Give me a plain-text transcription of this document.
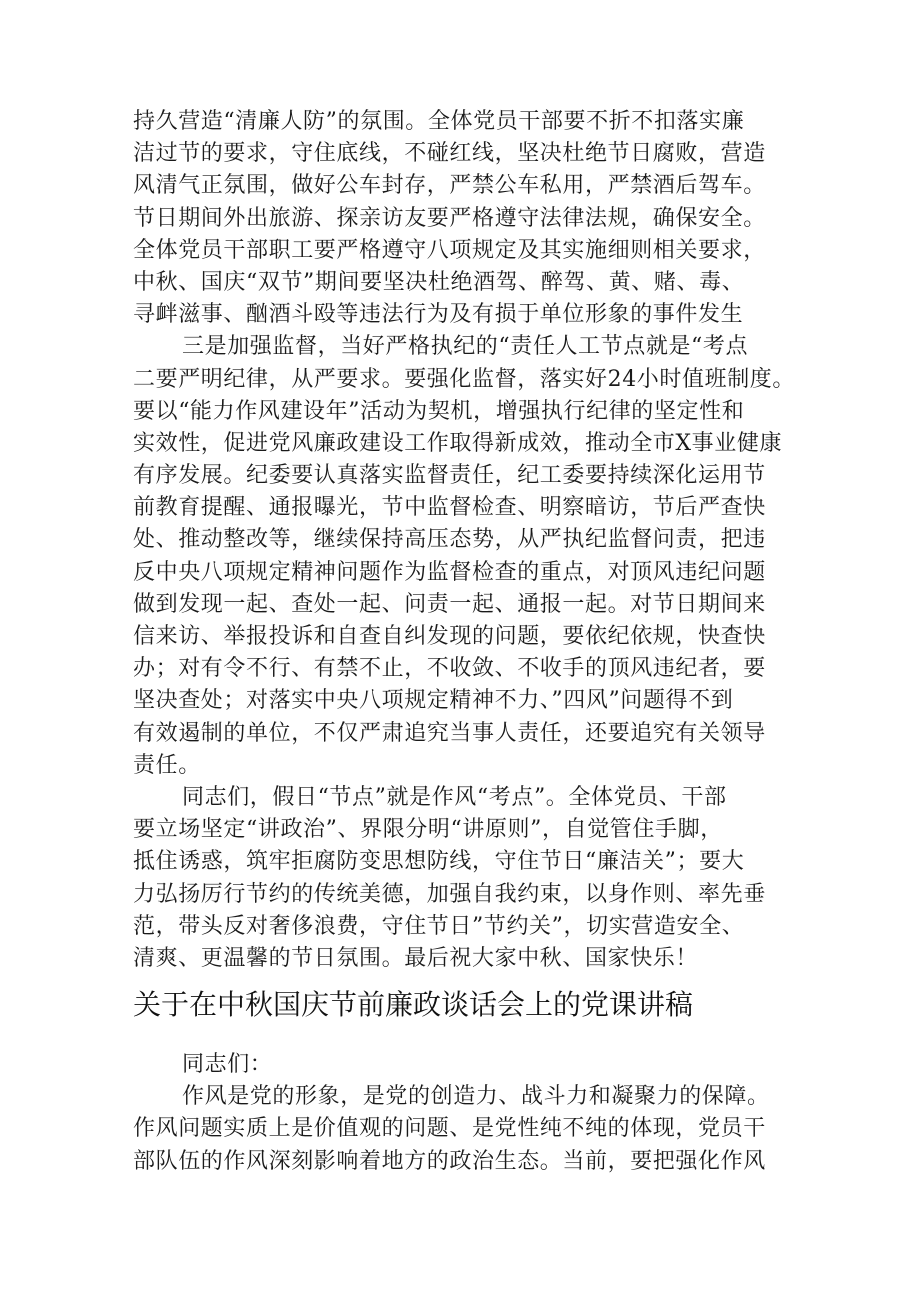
持久营造“清廉人防”的氛围。全体党员干部要不折不扣落实廉
洁过节的要求，守住底线，不碰红线，坚决杜绝节日腐败，营造
风清气正氛围，做好公车封存，严禁公车私用，严禁酒后驾车。
节日期间外出旅游、探亲访友要严格遵守法律法规，确保安全。
全体党员干部职工要严格遵守八项规定及其实施细则相关要求，
中秋、国庆“双节”期间要坚决杜绝酒驾、醉驾、黄、赌、毒、
寻衅滋事、酗酒斗殴等违法行为及有损于单位形象的事件发生
三是加强监督，当好严格执纪的“责任人工节点就是“考点
二要严明纪律，从严要求。要强化监督，落实好24小时值班制度。
要以“能力作风建设年”活动为契机，增强执行纪律的坚定性和
实效性，促进党风廉政建设工作取得新成效，推动全市X事业健康
有序发展。纪委要认真落实监督责任，纪工委要持续深化运用节
前教育提醒、通报曝光，节中监督检查、明察暗访，节后严查快
处、推动整改等，继续保持高压态势，从严执纪监督问责，把违
反中央八项规定精神问题作为监督检查的重点，对顶风违纪问题
做到发现一起、查处一起、问责一起、通报一起。对节日期间来
信来访、举报投诉和自查自纠发现的问题，要依纪依规，快查快
办；对有令不行、有禁不止，不收敛、不收手的顶风违纪者，要
坚决查处；对落实中央八项规定精神不力、”四风”问题得不到
有效遏制的单位，不仅严肃追究当事人责任，还要追究有关领导
责任。
同志们，假日“节点”就是作风“考点”。全体党员、干部
要立场坚定“讲政治”、界限分明“讲原则”，自觉管住手脚，
抵住诱惑，筑牢拒腐防变思想防线，守住节日“廉洁关”；要大
力弘扬厉行节约的传统美德，加强自我约束，以身作则、率先垂
范，带头反对奢侈浪费，守住节日”节约关”，切实营造安全、
清爽、更温馨的节日氛围。最后祝大家中秋、国家快乐！
关于在中秋国庆节前廉政谈话会上的党课讲稿
同志们：
作风是党的形象，是党的创造力、战斗力和凝聚力的保障。
作风问题实质上是价值观的问题、是党性纯不纯的体现，党员干
部队伍的作风深刻影响着地方的政治生态。当前，要把强化作风
